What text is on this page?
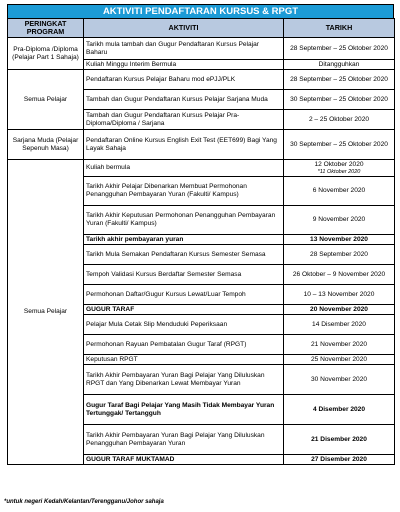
AKTIVITI PENDAFTARAN KURSUS & RPGT
PERINGKAT PROGRAM	AKTIVITI	TARIKH
Pra-Diploma /Diploma (Pelajar Part 1 Sahaja)	Tarikh mula tambah dan Gugur Pendaftaran Kursus Pelajar Baharu	28 September – 25 Oktober 2020
	Kuliah Minggu Interim Bermula	Ditangguhkan
Semua Pelajar	Pendaftaran Kursus Pelajar Baharu mod ePJJ/PLK	28 September – 25 Oktober 2020
	Tambah dan Gugur Pendaftaran Kursus Pelajar Sarjana Muda	30 September – 25 Oktober 2020
	Tambah dan Gugur Pendaftaran Kursus Pelajar Pra-Diploma/Diploma / Sarjana	2 – 25 Oktober 2020
Sarjana Muda (Pelajar Sepenuh Masa)	Pendaftaran Online Kursus English Exit Test (EET699) Bagi Yang Layak Sahaja	30 September – 25 Oktober 2020
Semua Pelajar	Kuliah bermula	12 Oktober 2020
*11 Oktober 2020

	Tarikh Akhir Pelajar Dibenarkan Membuat Permohonan Penangguhan Pembayaran Yuran (Fakulti/ Kampus)	6 November 2020
	Tarikh Akhir Keputusan Permohonan Penangguhan Pembayaran Yuran (Fakulti/ Kampus)	9 November 2020
	Tarikh akhir pembayaran yuran	13 November 2020
	Tarikh Mula Semakan Pendaftaran Kursus Semester Semasa	28 September 2020
	Tempoh Validasi Kursus Berdaftar Semester Semasa	26 Oktober – 9 November 2020
	Permohonan Daftar/Gugur Kursus Lewat/Luar Tempoh	10 – 13 November 2020
	GUGUR TARAF	20 November 2020
	Pelajar Mula Cetak Slip Menduduki Peperiksaan	14 Disember 2020
	Permohonan Rayuan Pembatalan Gugur Taraf (RPGT)	21 November 2020
	Keputusan RPGT	25 November 2020
	Tarikh Akhir Pembayaran Yuran Bagi Pelajar Yang Diluluskan RPGT dan Yang Dibenarkan Lewat Membayar Yuran	30 November 2020
	Gugur Taraf Bagi Pelajar Yang Masih Tidak Membayar Yuran Tertunggak/ Tertangguh	4 Disember 2020
	Tarikh Akhir Pembayaran Yuran Bagi Pelajar Yang Diluluskan Penangguhan Pembayaran Yuran	21 Disember 2020
	GUGUR TARAF MUKTAMAD	27 Disember 2020
*untuk negeri Kedah/Kelantan/Terengganu/Johor sahaja
